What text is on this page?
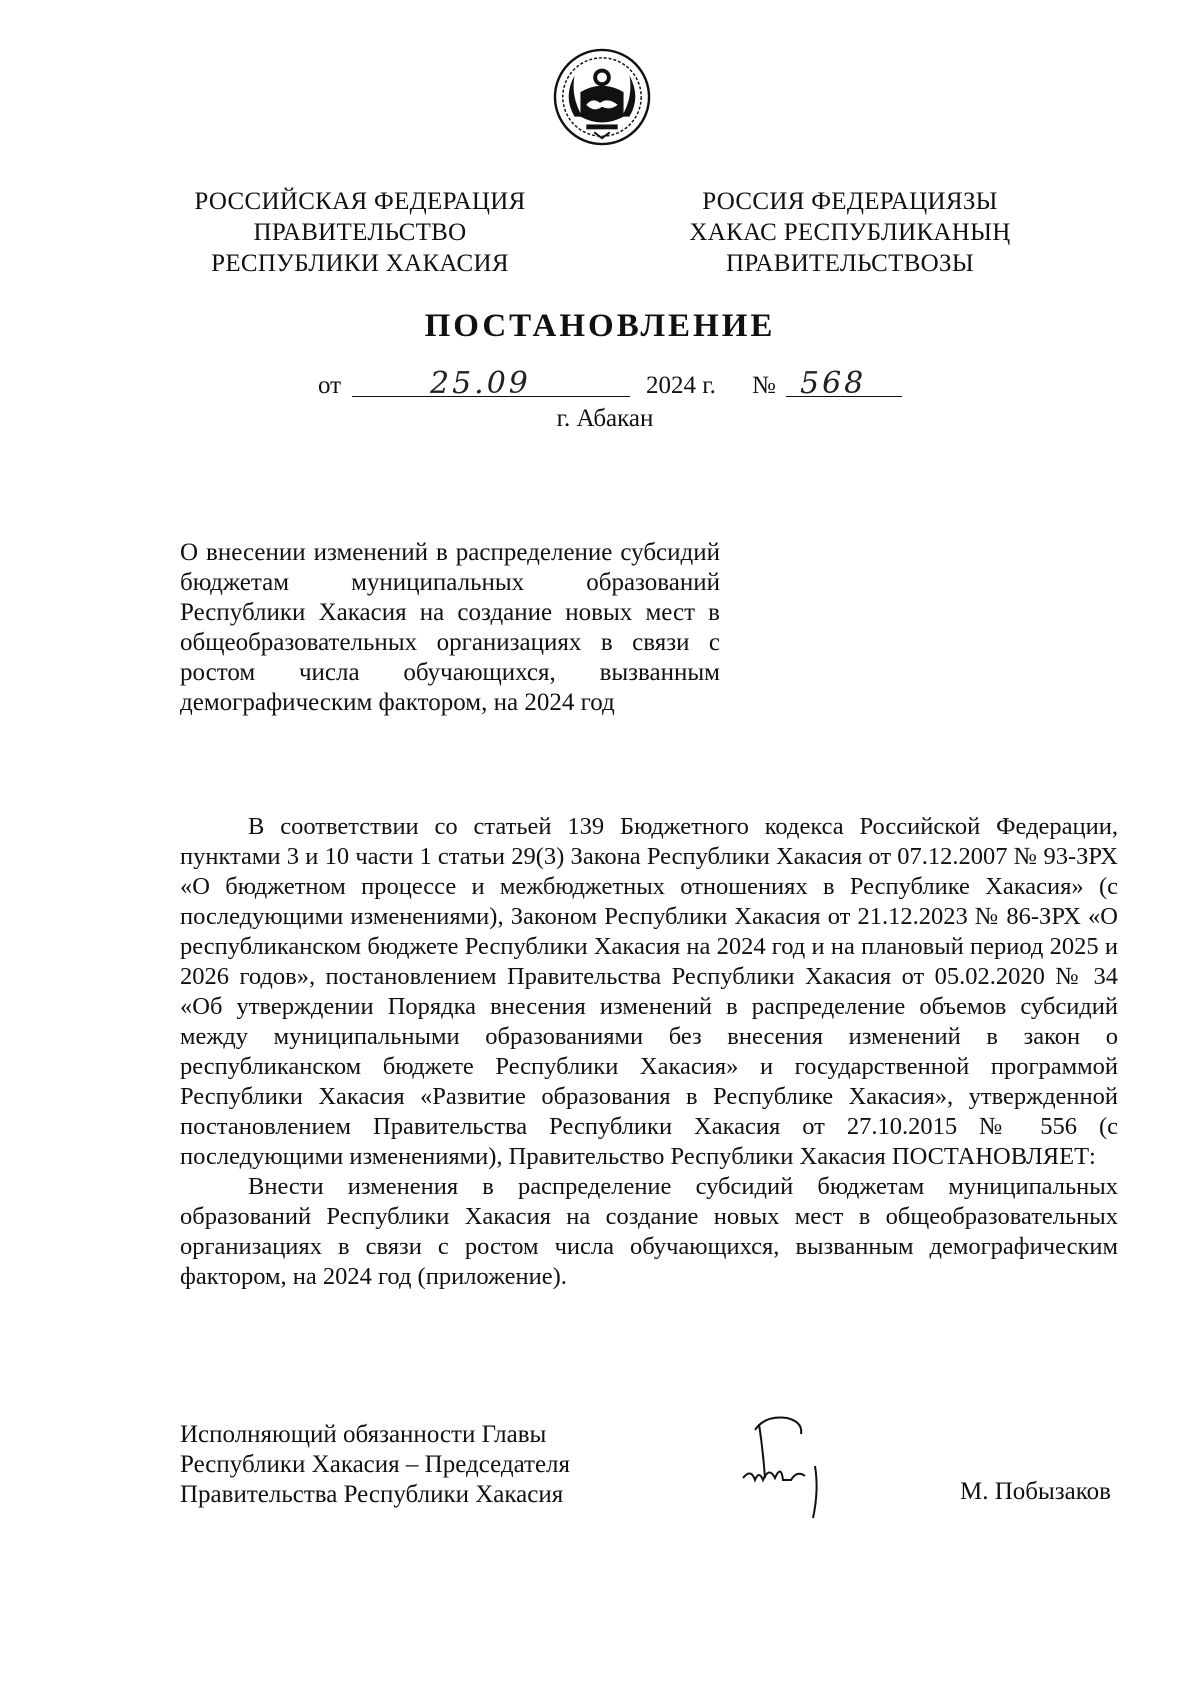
РОССИЙСКАЯ ФЕДЕРАЦИЯ
ПРАВИТЕЛЬСТВО
РЕСПУБЛИКИ ХАКАСИЯ
РОССИЯ ФЕДЕРАЦИЯЗЫ
ХАКАС РЕСПУБЛИКАНЫҢ
ПРАВИТЕЛЬСТВОЗЫ
ПОСТАНОВЛЕНИЕ
от	25.09	2024 г. № 568
г. Абакан
О внесении изменений в распределение субсидий бюджетам муниципальных образований Республики Хакасия на создание новых мест в общеобразовательных организациях в связи с ростом числа обучающихся, вызванным демографическим фактором, на 2024 год

В соответствии со статьей 139 Бюджетного кодекса Российской Федерации, пунктами 3 и 10 части 1 статьи 29(3) Закона Республики Хакасия от 07.12.2007 № 93-ЗРХ «О бюджетном процессе и межбюджетных отношениях в Республике Хакасия» (с последующими изменениями), Законом Республики Хакасия от 21.12.2023 № 86-ЗРХ «О республиканском бюджете Республики Хакасия на 2024 год и на плановый период 2025 и 2026 годов», постановлением Правительства Республики Хакасия от 05.02.2020 № 34 «Об утверждении Порядка внесения изменений в распределение объемов субсидий между муниципальными образованиями без внесения изменений в закон о республиканском бюджете Республики Хакасия» и государственной программой Республики Хакасия «Развитие образования в Республике Хакасия», утвержденной постановлением Правительства Республики Хакасия от 27.10.2015 № 556 (с последующими изменениями), Правительство Республики Хакасия ПОСТАНОВЛЯЕТ:

Внести изменения в распределение субсидий бюджетам муниципальных образований Республики Хакасия на создание новых мест в общеобразовательных организациях в связи с ростом числа обучающихся, вызванным демографическим фактором, на 2024 год (приложение).

Исполняющий обязанности Главы
Республики Хакасия – Председателя
Правительства Республики Хакасия	М. Побызаков
